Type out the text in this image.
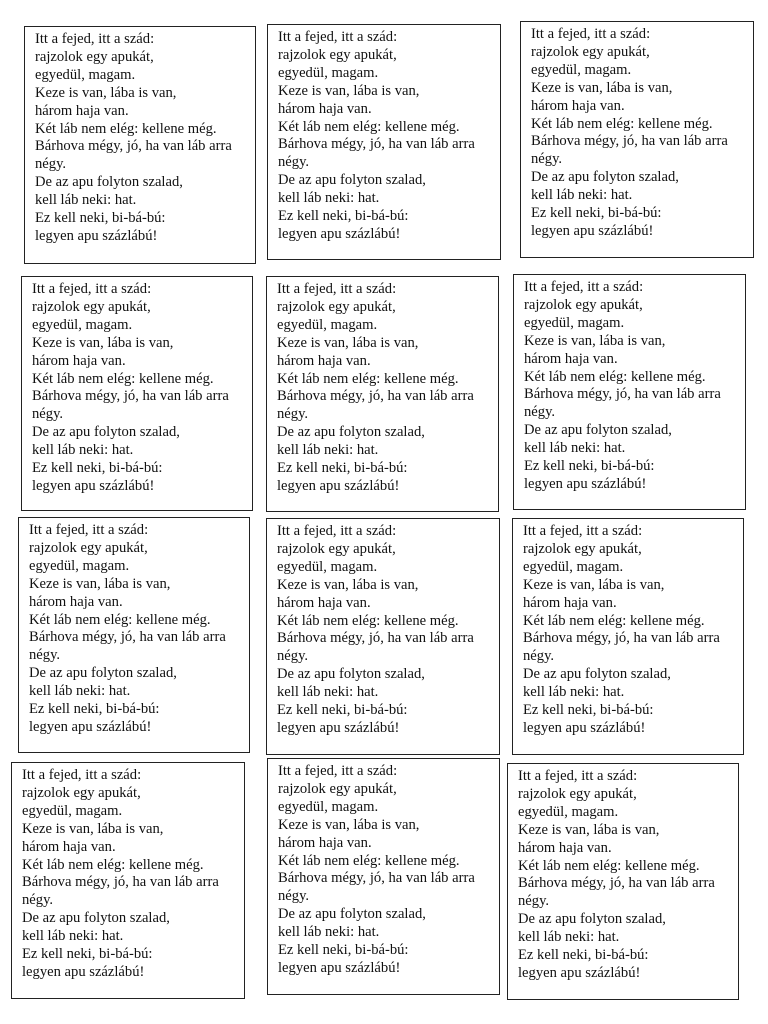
Itt a fejed, itt a szád:
rajzolok egy apukát,
egyedül, magam.
Keze is van, lába is van,
három haja van.
Két láb nem elég: kellene még.
Bárhova mégy, jó, ha van láb arra négy.
De az apu folyton szalad,
kell láb neki: hat.
Ez kell neki, bi-bá-bú:
legyen apu százlábú!
Itt a fejed, itt a szád:
rajzolok egy apukát,
egyedül, magam.
Keze is van, lába is van,
három haja van.
Két láb nem elég: kellene még.
Bárhova mégy, jó, ha van láb arra négy.
De az apu folyton szalad,
kell láb neki: hat.
Ez kell neki, bi-bá-bú:
legyen apu százlábú!
Itt a fejed, itt a szád:
rajzolok egy apukát,
egyedül, magam.
Keze is van, lába is van,
három haja van.
Két láb nem elég: kellene még.
Bárhova mégy, jó, ha van láb arra négy.
De az apu folyton szalad,
kell láb neki: hat.
Ez kell neki, bi-bá-bú:
legyen apu százlábú!
Itt a fejed, itt a szád:
rajzolok egy apukát,
egyedül, magam.
Keze is van, lába is van,
három haja van.
Két láb nem elég: kellene még.
Bárhova mégy, jó, ha van láb arra négy.
De az apu folyton szalad,
kell láb neki: hat.
Ez kell neki, bi-bá-bú:
legyen apu százlábú!
Itt a fejed, itt a szád:
rajzolok egy apukát,
egyedül, magam.
Keze is van, lába is van,
három haja van.
Két láb nem elég: kellene még.
Bárhova mégy, jó, ha van láb arra négy.
De az apu folyton szalad,
kell láb neki: hat.
Ez kell neki, bi-bá-bú:
legyen apu százlábú!
Itt a fejed, itt a szád:
rajzolok egy apukát,
egyedül, magam.
Keze is van, lába is van,
három haja van.
Két láb nem elég: kellene még.
Bárhova mégy, jó, ha van láb arra négy.
De az apu folyton szalad,
kell láb neki: hat.
Ez kell neki, bi-bá-bú:
legyen apu százlábú!
Itt a fejed, itt a szád:
rajzolok egy apukát,
egyedül, magam.
Keze is van, lába is van,
három haja van.
Két láb nem elég: kellene még.
Bárhova mégy, jó, ha van láb arra négy.
De az apu folyton szalad,
kell láb neki: hat.
Ez kell neki, bi-bá-bú:
legyen apu százlábú!
Itt a fejed, itt a szád:
rajzolok egy apukát,
egyedül, magam.
Keze is van, lába is van,
három haja van.
Két láb nem elég: kellene még.
Bárhova mégy, jó, ha van láb arra négy.
De az apu folyton szalad,
kell láb neki: hat.
Ez kell neki, bi-bá-bú:
legyen apu százlábú!
Itt a fejed, itt a szád:
rajzolok egy apukát,
egyedül, magam.
Keze is van, lába is van,
három haja van.
Két láb nem elég: kellene még.
Bárhova mégy, jó, ha van láb arra négy.
De az apu folyton szalad,
kell láb neki: hat.
Ez kell neki, bi-bá-bú:
legyen apu százlábú!
Itt a fejed, itt a szád:
rajzolok egy apukát,
egyedül, magam.
Keze is van, lába is van,
három haja van.
Két láb nem elég: kellene még.
Bárhova mégy, jó, ha van láb arra négy.
De az apu folyton szalad,
kell láb neki: hat.
Ez kell neki, bi-bá-bú:
legyen apu százlábú!
Itt a fejed, itt a szád:
rajzolok egy apukát,
egyedül, magam.
Keze is van, lába is van,
három haja van.
Két láb nem elég: kellene még.
Bárhova mégy, jó, ha van láb arra négy.
De az apu folyton szalad,
kell láb neki: hat.
Ez kell neki, bi-bá-bú:
legyen apu százlábú!
Itt a fejed, itt a szád:
rajzolok egy apukát,
egyedül, magam.
Keze is van, lába is van,
három haja van.
Két láb nem elég: kellene még.
Bárhova mégy, jó, ha van láb arra négy.
De az apu folyton szalad,
kell láb neki: hat.
Ez kell neki, bi-bá-bú:
legyen apu százlábú!
